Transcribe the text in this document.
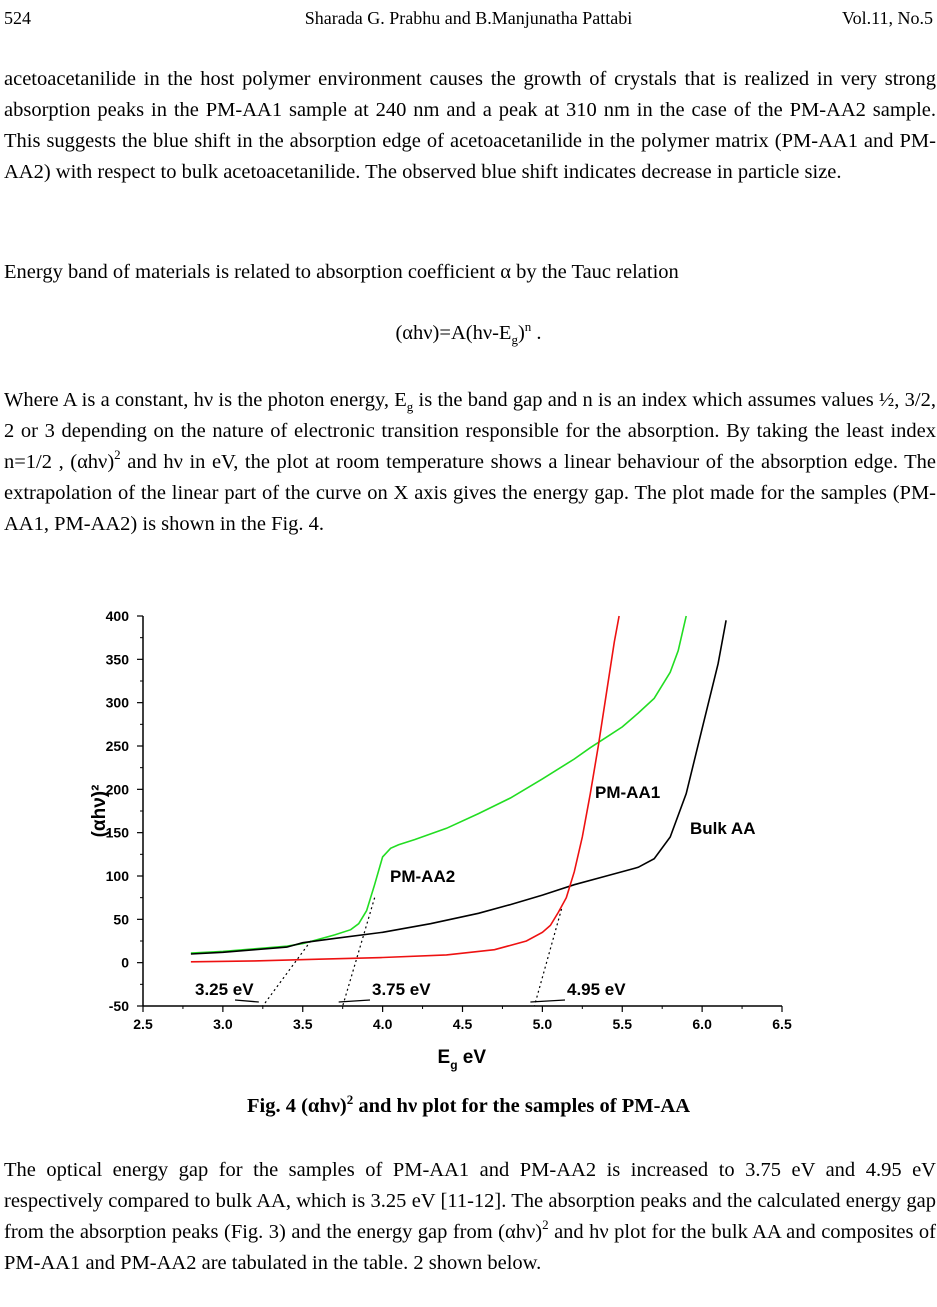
524	Sharada G. Prabhu and B.Manjunatha Pattabi	Vol.11, No.5

acetoacetanilide in the host polymer environment causes the growth of crystals that is realized in very strong absorption peaks in the PM-AA1 sample at 240 nm and a peak at 310 nm in the case of the PM-AA2 sample. This suggests the blue shift in the absorption edge of acetoacetanilide in the polymer matrix (PM-AA1 and PM-AA2) with respect to bulk acetoacetanilide. The observed blue shift indicates decrease in particle size.

Energy band of materials is related to absorption coefficient α by the Tauc relation

$(\alpha h\nu)=A(h\nu-E_g)^n$ .

Where A is a constant, hν is the photon energy, $E_g$ is the band gap and n is an index which assumes values ½, 3/2, 2 or 3 depending on the nature of electronic transition responsible for the absorption. By taking the least index n=1/2 , $(\alpha h\nu)^2$ and hν in eV, the plot at room temperature shows a linear behaviour of the absorption edge. The extrapolation of the linear part of the curve on X axis gives the energy gap. The plot made for the samples (PM-AA1, PM-AA2) is shown in the Fig. 4.

2.5	3.0	3.5	4.0	4.5	5.0	5.5	6.0	6.5
-50
0
50
100
150
200
250
300
350
400
$E_g$ eV
(αhν)²
3.25 eV	3.75 eV	4.95 eV
PM-AA2
PM-AA1
Bulk AA
Fig. 4 $(\alpha h\nu)^2$ and hν plot for the samples of PM-AA

The optical energy gap for the samples of PM-AA1 and PM-AA2 is increased to 3.75 eV and 4.95 eV respectively compared to bulk AA, which is 3.25 eV [11-12]. The absorption peaks and the calculated energy gap from the absorption peaks (Fig. 3) and the energy gap from $(\alpha h\nu)^2$ and hν plot for the bulk AA and composites of PM-AA1 and PM-AA2 are tabulated in the table. 2 shown below.
